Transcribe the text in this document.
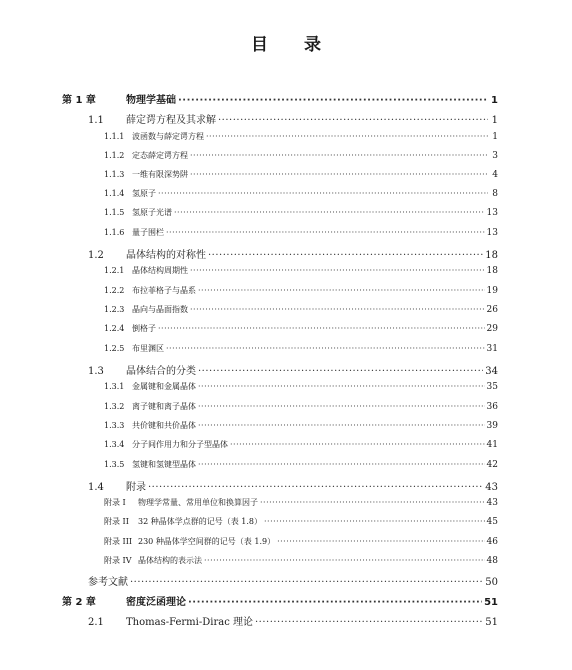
目 录
第 1 章	物理学基础 ·····	1
1.1 薛定谔方程及其求解 ·····	1
1.1.1 波函数与薛定谔方程 ·····	1
1.1.2 定态薛定谔方程 ·····	3
1.1.3 一维有限深势阱 ·····	4
1.1.4 氢原子 ·····	8
1.1.5 氢原子光谱 ·····	13
1.1.6 量子围栏 ·····	13
1.2 晶体结构的对称性 ·····	18
1.2.1 晶体结构周期性 ·····	18
1.2.2 布拉菲格子与晶系 ·····	19
1.2.3 晶向与晶面指数 ·····	26
1.2.4 倒格子 ·····	29
1.2.5 布里渊区 ·····	31
1.3 晶体结合的分类 ·····	34
1.3.1 金属键和金属晶体 ·····	35
1.3.2 离子键和离子晶体 ·····	36
1.3.3 共价键和共价晶体 ·····	39
1.3.4 分子间作用力和分子型晶体 ·····	41
1.3.5 氢键和氢键型晶体 ·····	42
1.4 附录 ·····	43
附录 I 物理学常量、常用单位和换算因子 ·····	43
附录 II 32 种晶体学点群的记号（表 1.8） ·····	45
附录 III 230 种晶体学空间群的记号（表 1.9） ·····	46
附录 IV 晶体结构的表示法 ·····	48
参考文献 ·····	50
第 2 章	密度泛函理论 ·····	51
2.1 Thomas-Fermi-Dirac 理论 ·····	51
